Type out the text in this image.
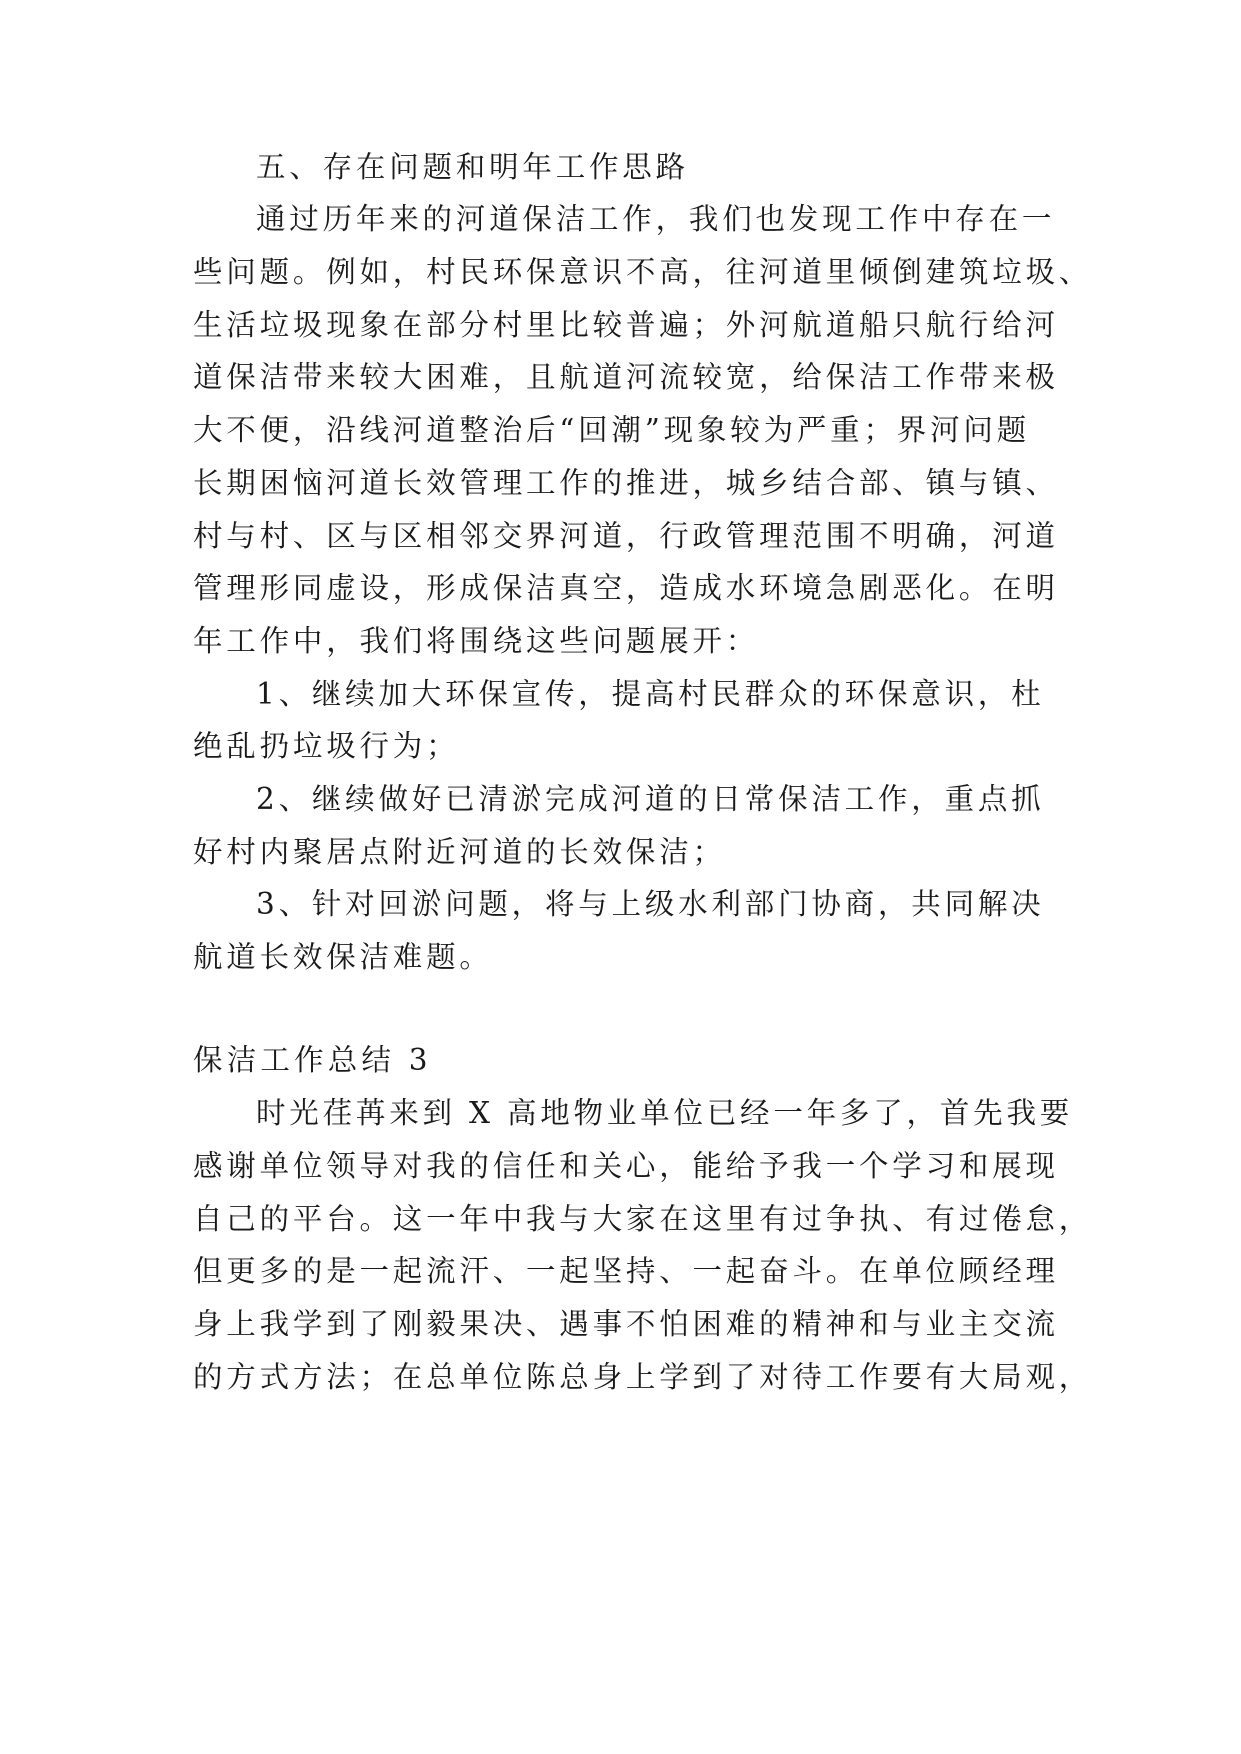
五、存在问题和明年工作思路
通过历年来的河道保洁工作，我们也发现工作中存在一
些问题。例如，村民环保意识不高，往河道里倾倒建筑垃圾、
生活垃圾现象在部分村里比较普遍；外河航道船只航行给河
道保洁带来较大困难，且航道河流较宽，给保洁工作带来极
大不便，沿线河道整治后“回潮”现象较为严重；界河问题
长期困恼河道长效管理工作的推进，城乡结合部、镇与镇、
村与村、区与区相邻交界河道，行政管理范围不明确，河道
管理形同虚设，形成保洁真空，造成水环境急剧恶化。在明
年工作中，我们将围绕这些问题展开：
1、继续加大环保宣传，提高村民群众的环保意识，杜
绝乱扔垃圾行为；
2、继续做好已清淤完成河道的日常保洁工作，重点抓
好村内聚居点附近河道的长效保洁；
3、针对回淤问题，将与上级水利部门协商，共同解决
航道长效保洁难题。
保洁工作总结 3
时光荏苒来到 X 高地物业单位已经一年多了，首先我要
感谢单位领导对我的信任和关心，能给予我一个学习和展现
自己的平台。这一年中我与大家在这里有过争执、有过倦怠，
但更多的是一起流汗、一起坚持、一起奋斗。在单位顾经理
身上我学到了刚毅果决、遇事不怕困难的精神和与业主交流
的方式方法；在总单位陈总身上学到了对待工作要有大局观，
